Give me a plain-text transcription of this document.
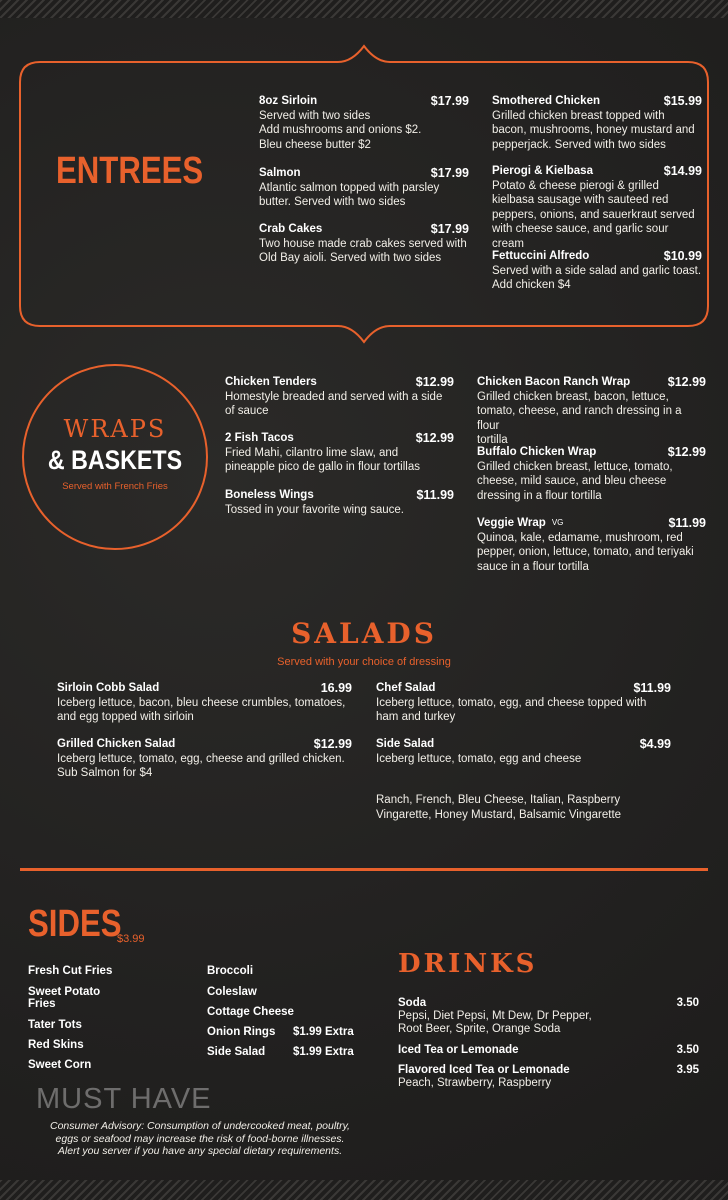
ENTREES
8oz Sirloin	$17.99
Served with two sides
Add mushrooms and onions $2.
Bleu cheese butter $2
Salmon	$17.99
Atlantic salmon topped with parsley
butter. Served with two sides
Crab Cakes	$17.99
Two house made crab cakes served with
Old Bay aioli. Served with two sides
Smothered Chicken	$15.99
Grilled chicken breast topped with
bacon, mushrooms, honey mustard and
pepperjack. Served with two sides
Pierogi & Kielbasa	$14.99
Potato & cheese pierogi & grilled
kielbasa sausage with sauteed red
peppers, onions, and sauerkraut served
with cheese sauce, and garlic sour cream
Fettuccini Alfredo	$10.99
Served with a side salad and garlic toast.
Add chicken $4
WRAPS
& BASKETS
Served with French Fries
Chicken Tenders	$12.99
Homestyle breaded and served with a side
of sauce
2 Fish Tacos	$12.99
Fried Mahi, cilantro lime slaw, and
pineapple pico de gallo in flour tortillas
Boneless Wings	$11.99
Tossed in your favorite wing sauce.
Chicken Bacon Ranch Wrap	$12.99
Grilled chicken breast, bacon, lettuce,
tomato, cheese, and ranch dressing in a flour
tortilla
Buffalo Chicken Wrap	$12.99
Grilled chicken breast, lettuce, tomato,
cheese, mild sauce, and bleu cheese
dressing in a flour tortilla
Veggie Wrap $^{VG}$	$11.99
Quinoa, kale, edamame, mushroom, red
pepper, onion, lettuce, tomato, and teriyaki
sauce in a flour tortilla
SALADS
Served with your choice of dressing
Sirloin Cobb Salad	16.99
Iceberg lettuce, bacon, bleu cheese crumbles, tomatoes,
and egg topped with sirloin
Grilled Chicken Salad	$12.99
Iceberg lettuce, tomato, egg, cheese and grilled chicken.
Sub Salmon for $4
Chef Salad	$11.99
Iceberg lettuce, tomato, egg, and cheese topped with
ham and turkey
Side Salad	$4.99
Iceberg lettuce, tomato, egg and cheese
Ranch, French, Bleu Cheese, Italian, Raspberry
Vingarette, Honey Mustard, Balsamic Vingarette
SIDES
$3.99
Fresh Cut Fries
Sweet Potato
Fries
Tater Tots
Red Skins
Sweet Corn
Broccoli
Coleslaw
Cottage Cheese
Onion Rings $1.99 Extra
Side Salad $1.99 Extra
DRINKS
Soda	3.50
Pepsi, Diet Pepsi, Mt Dew, Dr Pepper,
Root Beer, Sprite, Orange Soda
Iced Tea or Lemonade	3.50
Flavored Iced Tea or Lemonade	3.95
Peach, Strawberry, Raspberry
MUST HAVE
Consumer Advisory: Consumption of undercooked meat, poultry,
eggs or seafood may increase the risk of food-borne illnesses.
Alert you server if you have any special dietary requirements.
